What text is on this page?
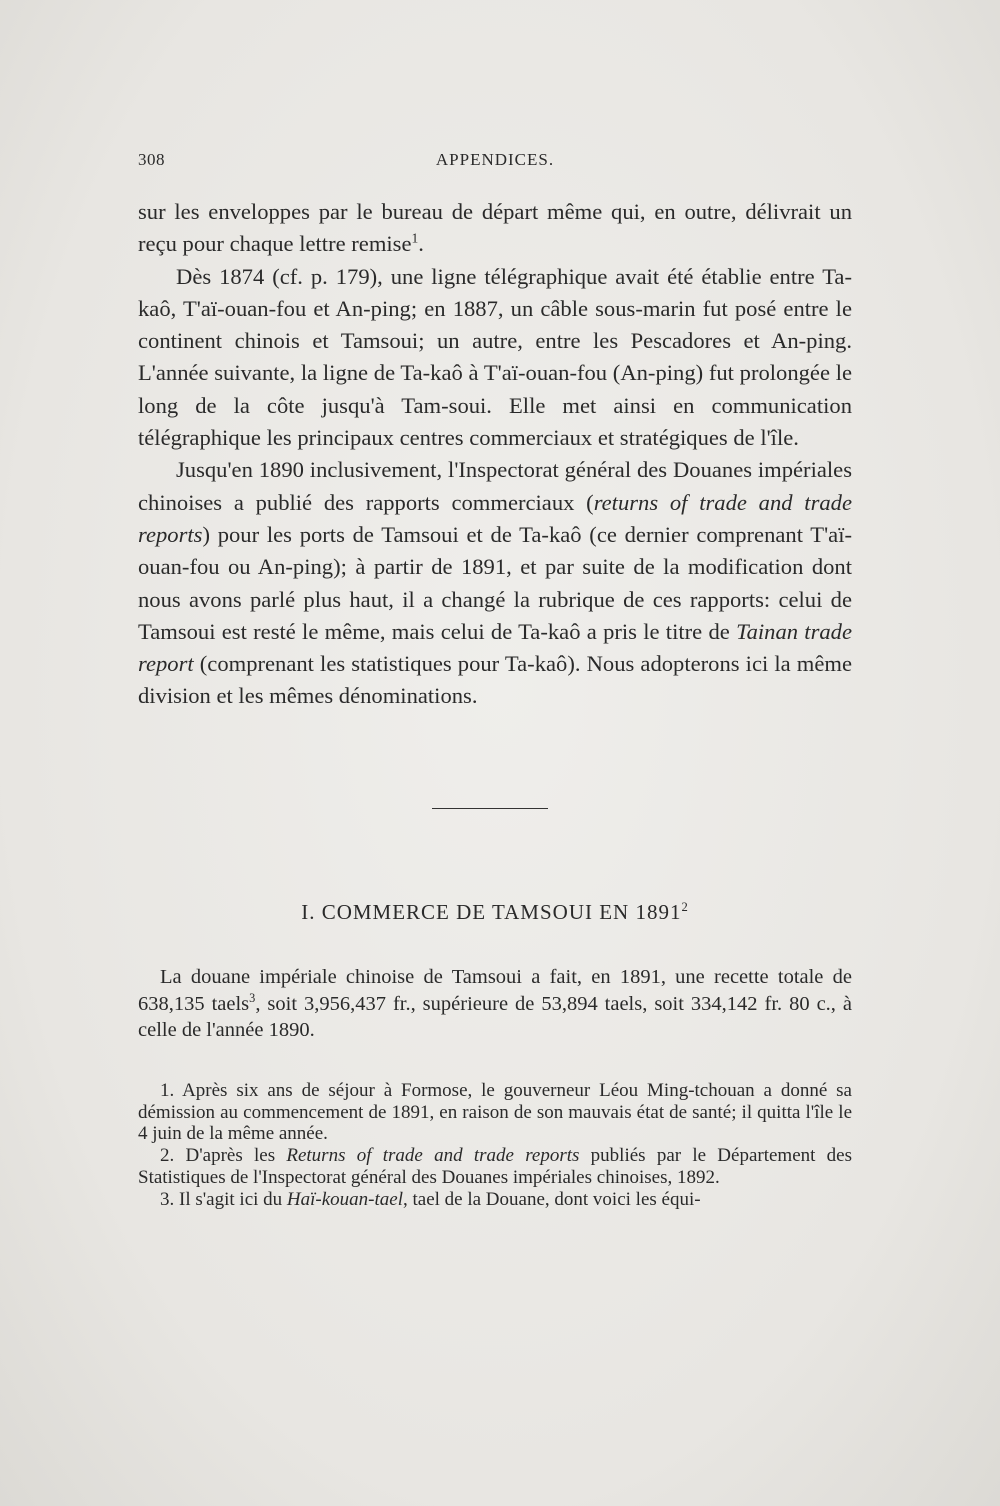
308	APPENDICES.

sur les enveloppes par le bureau de départ même qui, en outre, délivrait un reçu pour chaque lettre remise$^1$.

Dès 1874 (cf. p. 179), une ligne télégraphique avait été établie entre Ta-kaô, T'aï-ouan-fou et An-ping; en 1887, un câble sous-marin fut posé entre le continent chinois et Tamsoui; un autre, entre les Pescadores et An-ping. L'année suivante, la ligne de Ta-kaô à T'aï-ouan-fou (An-ping) fut prolongée le long de la côte jusqu'à Tam-soui. Elle met ainsi en communication télégraphique les principaux centres commerciaux et stratégiques de l'île.

Jusqu'en 1890 inclusivement, l'Inspectorat général des Douanes impériales chinoises a publié des rapports commerciaux (returns of trade and trade reports) pour les ports de Tamsoui et de Ta-kaô (ce dernier comprenant T'aï-ouan-fou ou An-ping); à partir de 1891, et par suite de la modification dont nous avons parlé plus haut, il a changé la rubrique de ces rapports: celui de Tamsoui est resté le même, mais celui de Ta-kaô a pris le titre de Tainan trade report (comprenant les statistiques pour Ta-kaô). Nous adopterons ici la même division et les mêmes dénominations.

I. COMMERCE DE TAMSOUI EN 1891$^2$

La douane impériale chinoise de Tamsoui a fait, en 1891, une recette totale de 638,135 taels$^3$, soit 3,956,437 fr., supérieure de 53,894 taels, soit 334,142 fr. 80 c., à celle de l'année 1890.

1. Après six ans de séjour à Formose, le gouverneur Léou Ming-tchouan a donné sa démission au commencement de 1891, en raison de son mauvais état de santé; il quitta l'île le 4 juin de la même année.

2. D'après les Returns of trade and trade reports publiés par le Département des Statistiques de l'Inspectorat général des Douanes impériales chinoises, 1892.

3. Il s'agit ici du Haï-kouan-tael, tael de la Douane, dont voici les équi-
